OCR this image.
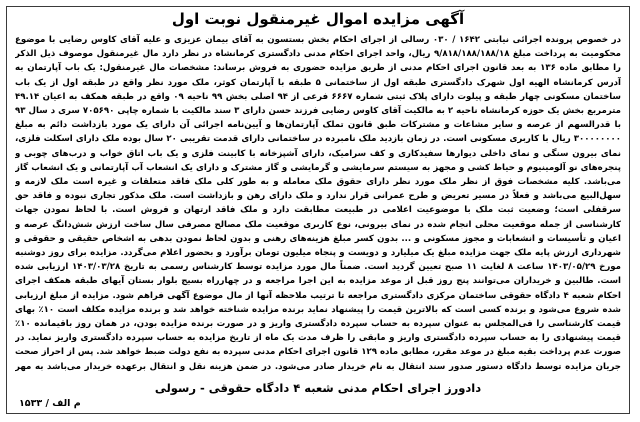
آگهی مزایده اموال غیرمنقول نوبت اول

در خصوص پرونده اجرائی نیابتی ۱۶۴۲ / ۰۳۰ رسالی از اجرای احکام بخش بستسون به آقای بیمان عزیزی و علیه آقای کاوس رضایی با موضوع محکومیت به پرداخت مبلغ ۹/۸۱۸/۱۸۸/۱۸۸/۱۸ ریال، واحد اجرای احکام مدنی دادگستری کرمانشاه در نظر دارد مال غیرمنقول موصوف ذیل الذکر را مطابق ماده ۱۳۶ به بعد قانون اجرای احکام مدنی از طریق مزایده حضوری به فروش برساند: مشخصات مال غیرمنقول: یک باب آپارتمان به آدرس کرمانشاه الهیه اول شهرک دادگستری طبقه اول از ساختمانی ۵ طبقه با آپارتمان کوثر، ملک مورد نظر واقع در طبقه اول از یک باب ساختمان مسکونی چهار طبقه و پیلوت دارای پلاک ثبتی شماره ۶۶۶۷ فرعی از ۹۴ اصلی بخش ۹۹ ناحیه ۰۹ واقع در طبقه همکف به اعیان ۴۹.۱۴ مترمربع بخش یک حوزه کرمانشاه ناحیه ۲ به مالکیت آقای کاوس رضایی فرزند حسن دارای ۳ سند مالکیت با شماره چاپی ۷۰۵۶۹۰ سری د سال ۹۳ با قدرالسهم از عرصه و سایر مشاعات و مشترکات طبق قانون تملک آپارتمان‌ها و آیین‌نامه اجرائی آن دارای یک مورد بازداشت دائم به مبلغ ۳۰۰۰۰۰۰۰۰ ریال با کاربری مسکونی است. در زمان بازدید ملک نامبرده در ساختمانی دارای قدمت تقریبی ۲۰ سال بوده ملک دارای اسکلت فلزی، نمای بیرون سنگی و نمای داخلی دیوارها سفیدکاری و کف سرامیک، دارای آشپزخانه با کابینت فلزی و یک باب اتاق خواب و درب‌های چوبی و پنجره‌های نو آلومینیوم و حیاط کشی و مجهز به سیستم سرمایشی و گرمایشی و گاز مشترک و دارای یک انشعاب آب آپارتمانی و یک انشعاب گاز می‌باشد. کلیه مشخصات فوق از نظر ملک مورد نظر دارای حقوق ملک معامله و به طور کلی ملک فاقد متعلقات و غیره است ملک لازمه و سهل‌البیع می‌باشد و فعلاً در مسیر تعریض و طرح عمرانی قرار ندارد و ملک دارای رهن و بازداشت است. ملک مذکور تجاری نبوده و فاقد حق سرقفلی است؛ وضعیت ثبت ملک با موضوعیت اعلامی در طبیعت مطابقت دارد و ملک فاقد ارتهان و فروش است. با لحاظ نمودن جهات کارشناسی از جمله موقعیت محلی انجام شده در نمای بیرونی، نوع کاربری موقعیت ملک مصالح مصرفی سال ساخت ارزش شش‌دانگ عرصه و اعیان و تأسیسات و انشعابات و مجوز مسکونی و ... بدون کسر مبلغ هزینه‌های رهنی و بدون لحاظ نمودن بدهی به اشخاص حقیقی و حقوقی و شهرداری ارزش پایه ملک جهت مزایده مبلغ یک میلیارد و دویست و پنجاه میلیون تومان برآورد و بحضور اعلام می‌گردد. مزایده برای روز دوشنبه مورخ ۱۴۰۳/۰۵/۲۹ ساعت ۸ لغایت ۱۱ صبح تعیین گردید است. ضمناً مال مورد مزایده توسط کارشناس رسمی به تاریخ ۱۴۰۳/۰۳/۲۸ ارزیابی شده است. طالبین و خریداران می‌توانند پنج روز قبل از موعد مزایده به این اجرا مراجعه و در چهارراه بسیج بلوار بستان آیهای طبقه همکف اجرای احکام شعبه ۴ دادگاه حقوقی ساختمان مرکزی دادگستری مراجعه تا ترتیب ملاحظه آنها از مال موضوع آگهی فراهم شود. مزایده از مبلغ ارزیابی شده شروع می‌شود و برنده کسی است که بالاترین قیمت را پیشنهاد نماید برنده مزایده شناخته خواهد شد و برنده مزایده مکلف است ۱۰٪ بهای قیمت کارشناسی را فی‌المجلس به عنوان سپرده به حساب سپرده دادگستری واریز و در صورت برنده مزایده بودن، در همان روز باقیمانده ۱۰٪ قیمت پیشنهادی را به حساب سپرده دادگستری واریز و مابقی را ظرف مدت یک ماه از تاریخ مزایده به حساب سپرده دادگستری واریز نماید. در صورت عدم پرداخت بقیه مبلغ در موعد مقرر، مطابق ماده ۱۲۹ قانون اجرای احکام مدنی سپرده به نفع دولت ضبط خواهد شد. پس از احراز صحت جریان مزایده توسط دادگاه دستور صدور سند انتقال به نام خریدار صادر می‌شود. در ضمن هزینه نقل و انتقال برعهده خریدار می‌باشد به مهر

دادورز اجرای احکام مدنی شعبه ۴ دادگاه حقوقی - رسولی
م الف / ۱۵۳۳
